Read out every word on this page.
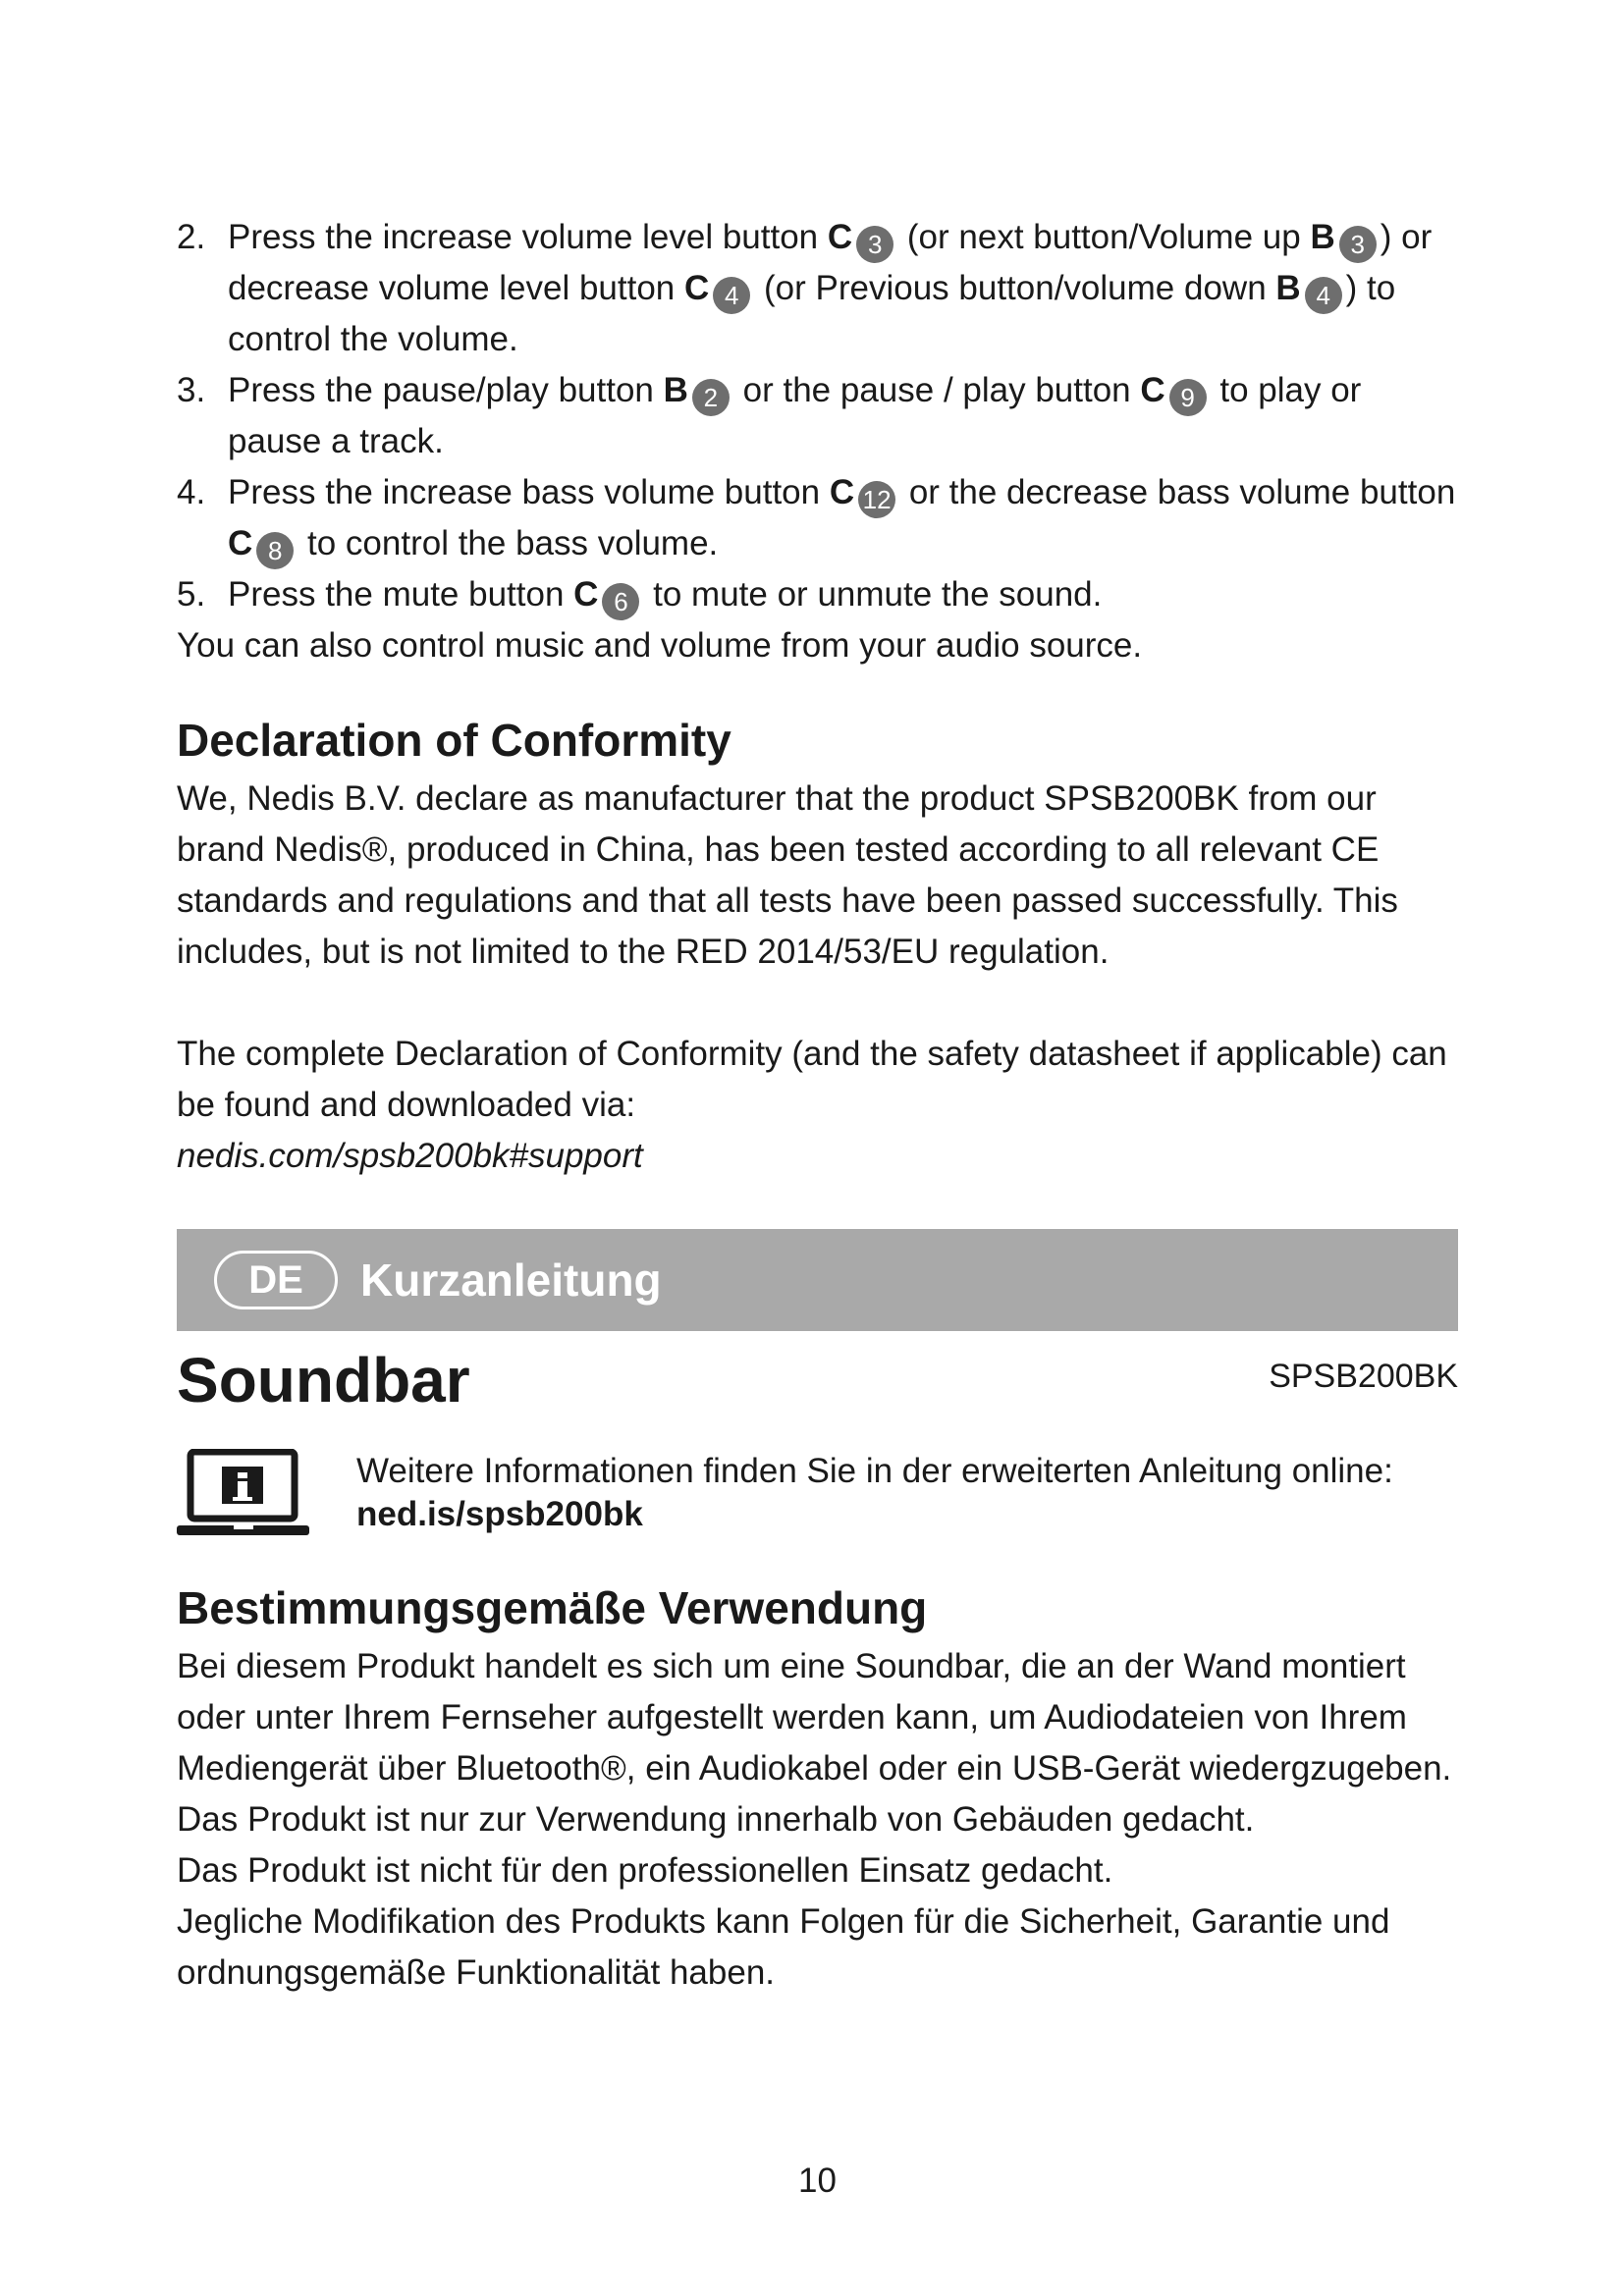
2. Press the increase volume level button C 3 (or next button/Volume up B 3 ) or decrease volume level button C 4 (or Previous button/volume down B 4 ) to control the volume.
3. Press the pause/play button B 2 or the pause / play button C 9 to play or pause a track.
4. Press the increase bass volume button C 12 or the decrease bass volume button C 8 to control the bass volume.
5. Press the mute button C 6 to mute or unmute the sound.
You can also control music and volume from your audio source.
Declaration of Conformity

We, Nedis B.V. declare as manufacturer that the product SPSB200BK from our brand Nedis®, produced in China, has been tested according to all relevant CE standards and regulations and that all tests have been passed successfully. This includes, but is not limited to the RED 2014/53/EU regulation.

The complete Declaration of Conformity (and the safety datasheet if applicable) can be found and downloaded via:
nedis.com/spsb200bk#support
DE	Kurzanleitung
Soundbar	SPSB200BK
Weitere Informationen finden Sie in der erweiterten Anleitung online:
ned.is/spsb200bk
Bestimmungsgemäße Verwendung
Bei diesem Produkt handelt es sich um eine Soundbar, die an der Wand montiert oder unter Ihrem Fernseher aufgestellt werden kann, um Audiodateien von Ihrem Mediengerät über Bluetooth®, ein Audiokabel oder ein USB-Gerät wiedergzugeben.
Das Produkt ist nur zur Verwendung innerhalb von Gebäuden gedacht.
Das Produkt ist nicht für den professionellen Einsatz gedacht.
Jegliche Modifikation des Produkts kann Folgen für die Sicherheit, Garantie und ordnungsgemäße Funktionalität haben.
10
